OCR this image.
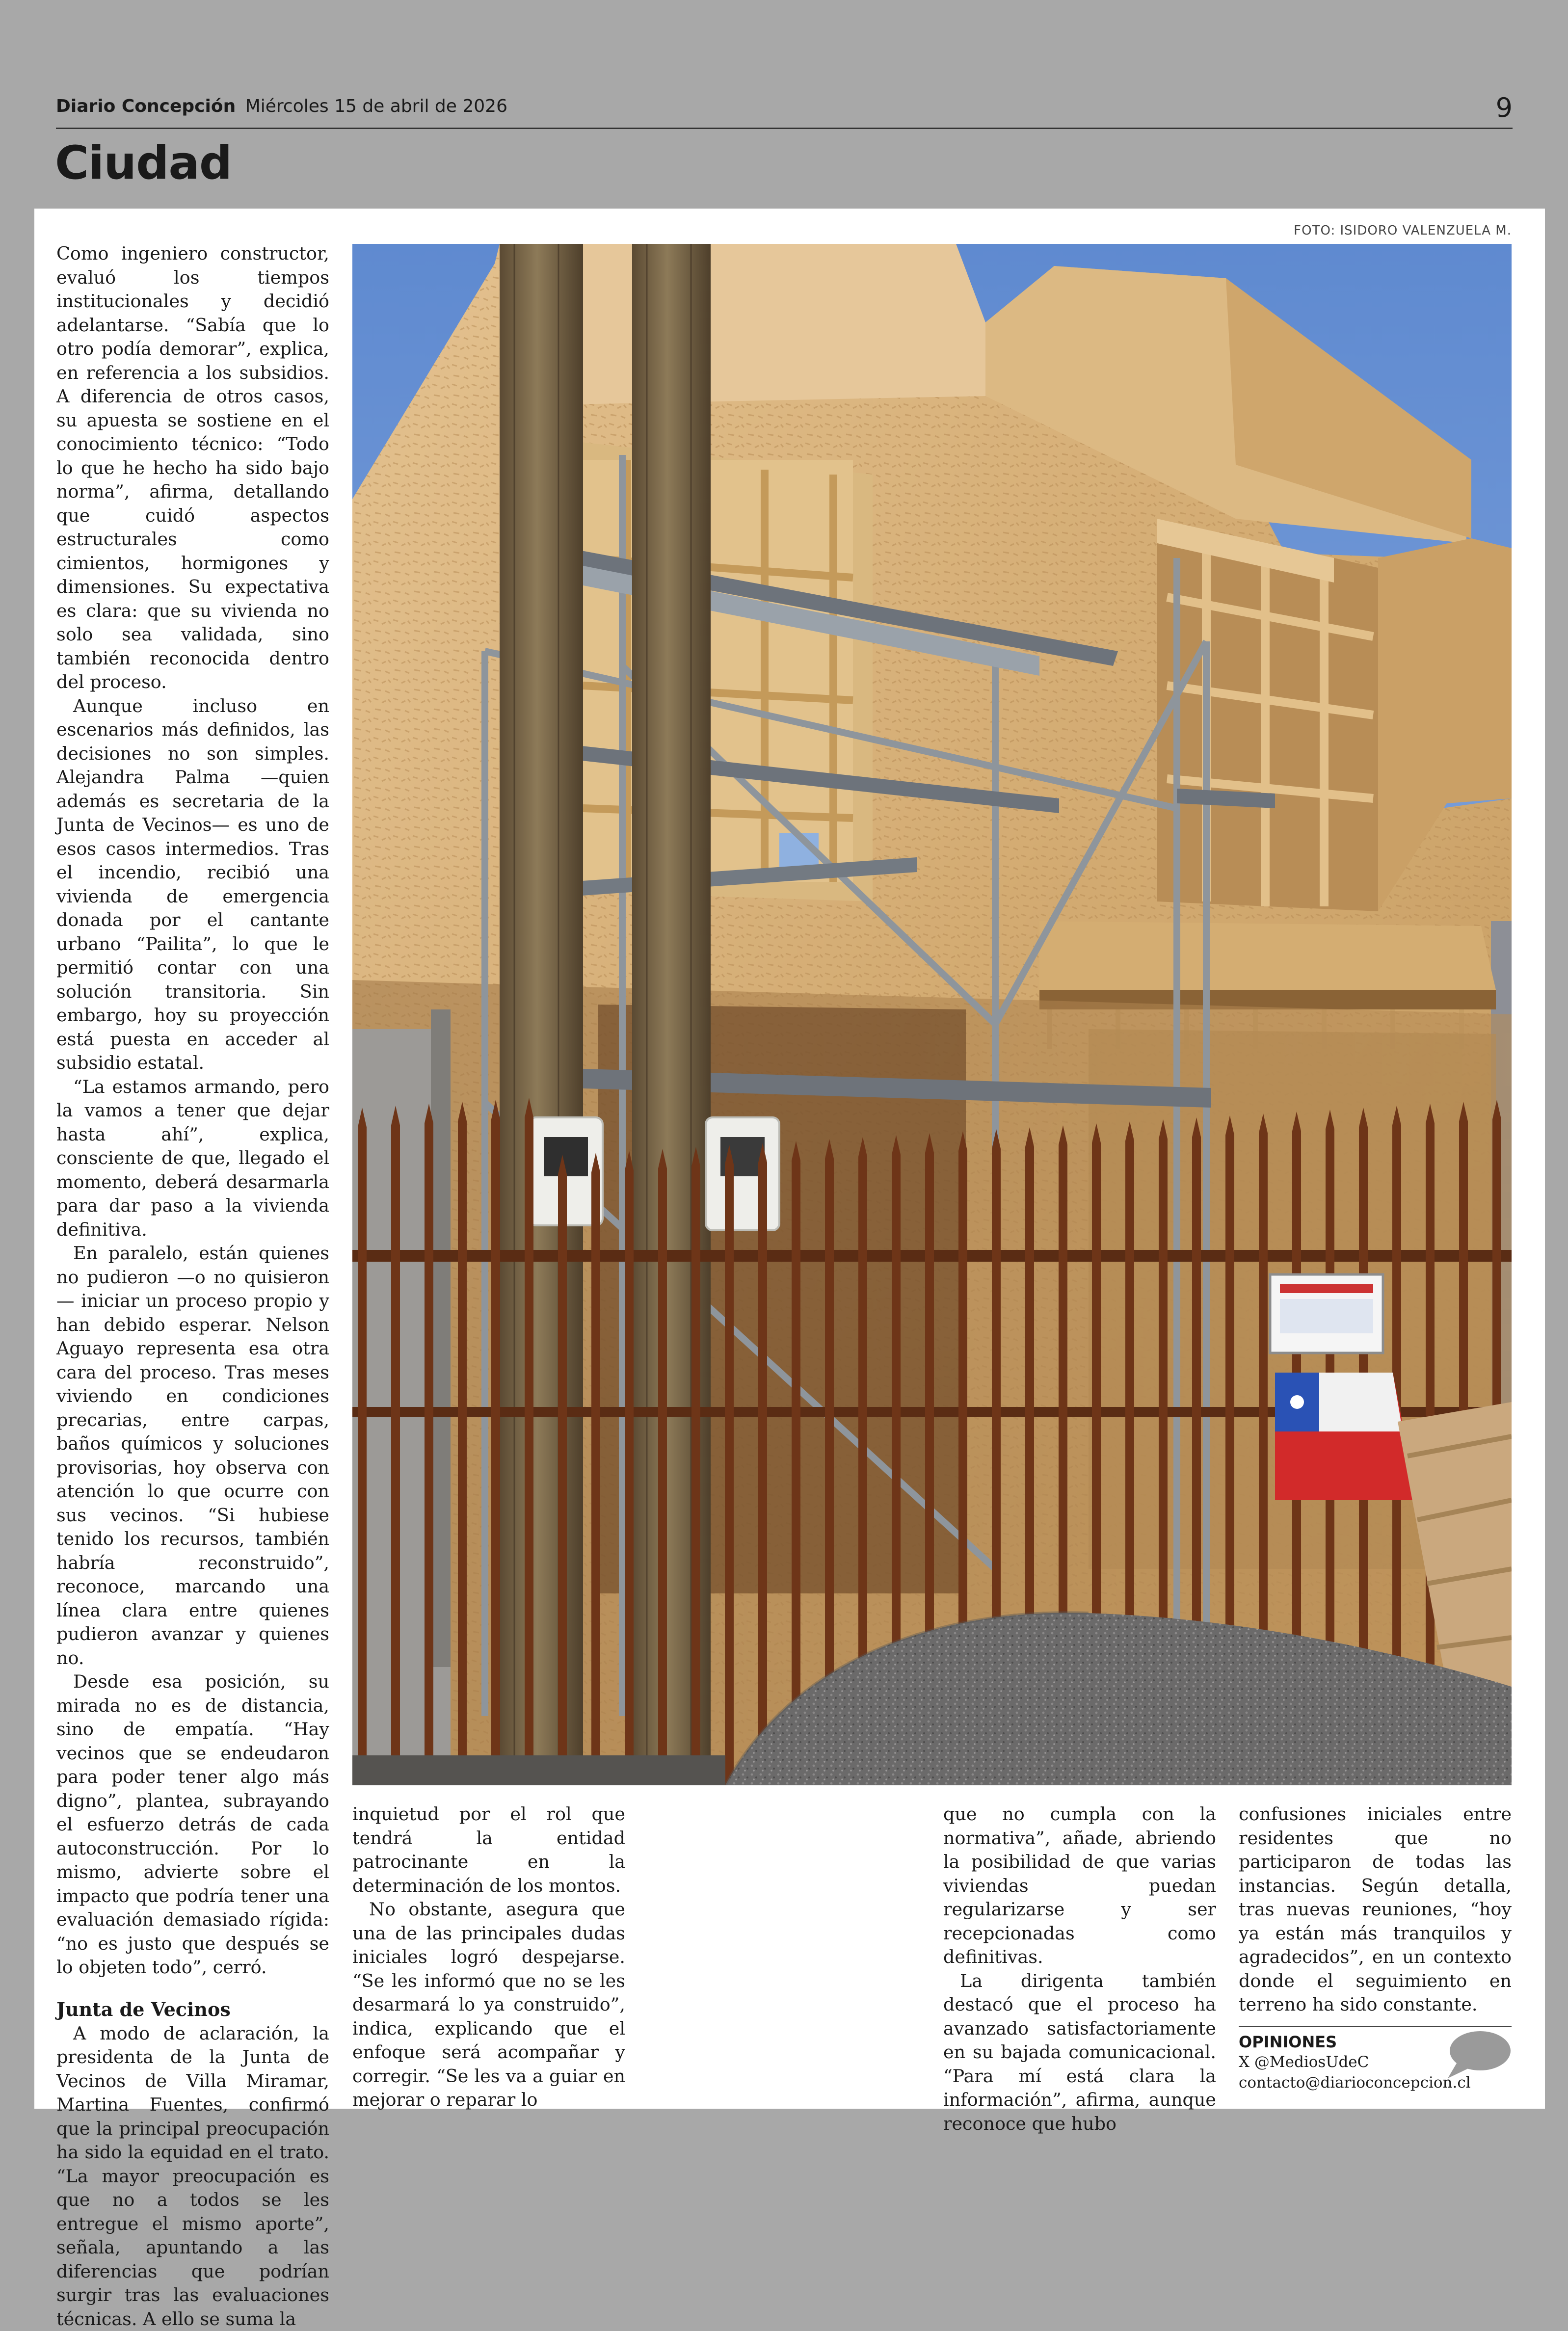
Diario Concepción Miércoles 15 de abril de 2026	9
Ciudad
FOTO: ISIDORO VALENZUELA M.

Como ingeniero constructor, evaluó los tiempos institucionales y decidió adelantarse. “Sabía que lo otro podía demorar”, explica, en referencia a los subsidios. A diferencia de otros casos, su apuesta se sostiene en el conocimiento técnico: “Todo lo que he hecho ha sido bajo norma”, afirma, detallando que cuidó aspectos estructurales como cimientos, hormigones y dimensiones. Su expectativa es clara: que su vivienda no solo sea validada, sino también reconocida dentro del proceso.

Aunque incluso en escenarios más definidos, las decisiones no son simples. Alejandra Palma —quien además es secretaria de la Junta de Vecinos— es uno de esos casos intermedios. Tras el incendio, recibió una vivienda de emergencia donada por el cantante urbano “Pailita”, lo que le permitió contar con una solución transitoria. Sin embargo, hoy su proyección está puesta en acceder al subsidio estatal.

“La estamos armando, pero la vamos a tener que dejar hasta ahí”, explica, consciente de que, llegado el momento, deberá desarmarla para dar paso a la vivienda definitiva.

En paralelo, están quienes no pudieron —o no quisieron— iniciar un proceso propio y han debido esperar. Nelson Aguayo representa esa otra cara del proceso. Tras meses viviendo en condiciones precarias, entre carpas, baños químicos y soluciones provisorias, hoy observa con atención lo que ocurre con sus vecinos. “Si hubiese tenido los recursos, también habría reconstruido”, reconoce, marcando una línea clara entre quienes pudieron avanzar y quienes no.

Desde esa posición, su mirada no es de distancia, sino de empatía. “Hay vecinos que se endeudaron para poder tener algo más digno”, plantea, subrayando el esfuerzo detrás de cada autoconstrucción. Por lo mismo, advierte sobre el impacto que podría tener una evaluación demasiado rígida: “no es justo que después se lo objeten todo”, cerró.

Junta de Vecinos

A modo de aclaración, la presidenta de la Junta de Vecinos de Villa Miramar, Martina Fuentes, confirmó que la principal preocupación ha sido la equidad en el trato. “La mayor preocupación es que no a todos se les entregue el mismo aporte”, señala, apuntando a las diferencias que podrían surgir tras las evaluaciones técnicas. A ello se suma la

inquietud por el rol que tendrá la entidad patrocinante en la determinación de los montos.

No obstante, asegura que una de las principales dudas iniciales logró despejarse. “Se les informó que no se les desarmará lo ya construido”, indica, explicando que el enfoque será acompañar y corregir. “Se les va a guiar en mejorar o reparar lo

que no cumpla con la normativa”, añade, abriendo la posibilidad de que varias viviendas puedan regularizarse y ser recepcionadas como definitivas.

La dirigenta también destacó que el proceso ha avanzado satisfactoriamente en su bajada comunicacional. “Para mí está clara la información”, afirma, aunque reconoce que hubo

confusiones iniciales entre residentes que no participaron de todas las instancias. Según detalla, tras nuevas reuniones, “hoy ya están más tranquilos y agradecidos”, en un contexto donde el seguimiento en terreno ha sido constante.

OPINIONES
X @MediosUdeC
contacto@diarioconcepcion.cl
